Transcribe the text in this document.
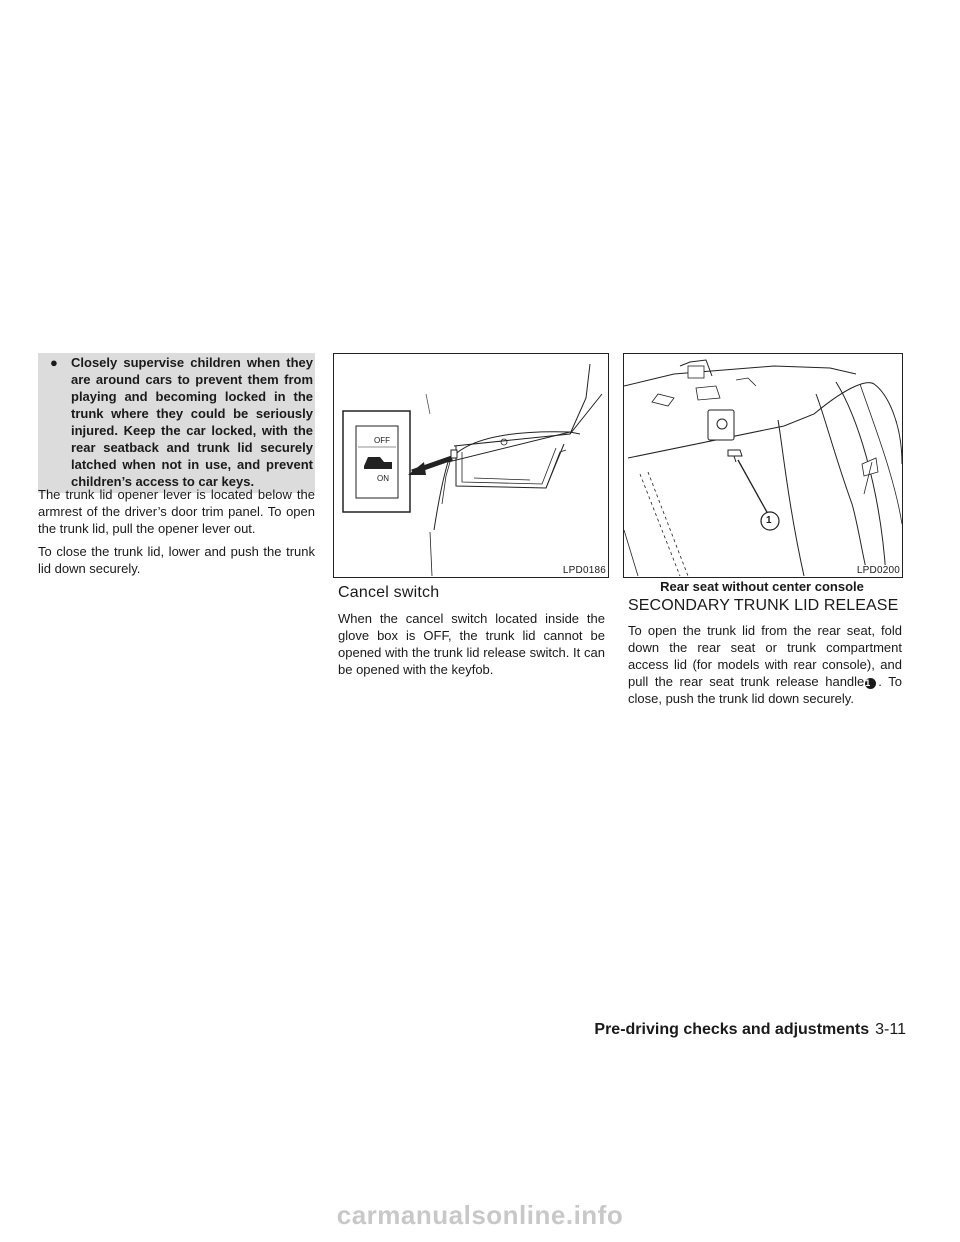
● Closely supervise children when they are around cars to prevent them from playing and becoming locked in the trunk where they could be seriously injured. Keep the car locked, with the rear seatback and trunk lid securely latched when not in use, and prevent children’s access to car keys.

The trunk lid opener lever is located below the armrest of the driver’s door trim panel. To open the trunk lid, pull the opener lever out.

To close the trunk lid, lower and push the trunk lid down securely.

OFF
ON
LPD0186
Cancel switch

When the cancel switch located inside the glove box is OFF, the trunk lid cannot be opened with the trunk lid release switch. It can be opened with the keyfob.

1
LPD0200
Rear seat without center console
SECONDARY TRUNK LID RELEASE

To open the trunk lid from the rear seat, fold down the rear seat or trunk compartment access lid (for models with rear console), and pull the rear seat trunk release handle1 . To close, push the trunk lid down securely.

Pre-driving checks and adjustments 3-11
carmanualsonline.info
